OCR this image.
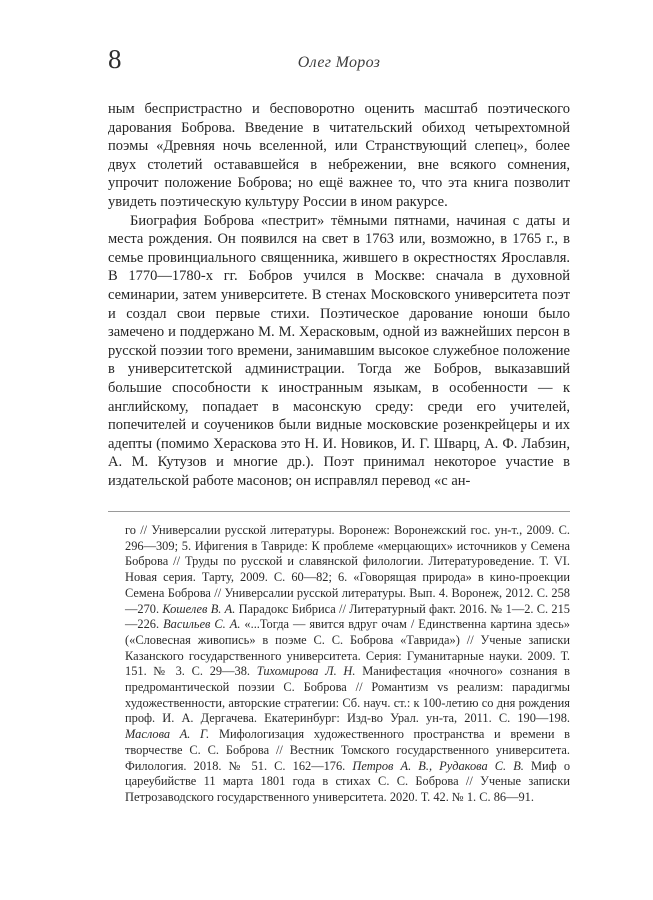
8	Олег Мороз

ным беспристрастно и бесповоротно оценить масштаб поэтического дарования Боброва. Введение в читательский обиход четырехтомной поэмы «Древняя ночь вселенной, или Странствующий слепец», более двух столетий остававшейся в небрежении, вне всякого сомнения, упрочит положение Боброва; но ещё важнее то, что эта книга позволит увидеть поэтическую культуру России в ином ракурсе.

Биография Боброва «пестрит» тёмными пятнами, начиная с даты и места рождения. Он появился на свет в 1763 или, возможно, в 1765 г., в семье провинциального священника, жившего в окрестностях Ярославля. В 1770—1780-х гг. Бобров учился в Москве: сначала в духовной семинарии, затем университете. В стенах Московского университета поэт и создал свои первые стихи. Поэтическое дарование юноши было замечено и поддержано М. М. Херасковым, одной из важнейших персон в русской поэзии того времени, занимавшим высокое служебное положение в университетской администрации. Тогда же Бобров, выказавший большие способности к иностранным языкам, в особенности — к английскому, попадает в масонскую среду: среди его учителей, попечителей и соучеников были видные московские розенкрейцеры и их адепты (помимо Хераскова это Н. И. Новиков, И. Г. Шварц, А. Ф. Лабзин, А. М. Кутузов и многие др.). Поэт принимал некоторое участие в издательской работе масонов; он исправлял перевод «с ан-

го // Универсалии русской литературы. Воронеж: Воронежский гос. ун-т., 2009. С. 296—309; 5. Ифигения в Тавриде: К проблеме «мерцающих» источников у Семена Боброва // Труды по русской и славянской филологии. Литературоведение. Т. VI. Новая серия. Тарту, 2009. С. 60—82; 6. «Говорящая природа» в кино-проекции Семена Боброва // Универсалии русской литературы. Вып. 4. Воронеж, 2012. С. 258—270. Кошелев В. А. Парадокс Бибриса // Литературный факт. 2016. № 1—2. С. 215—226. Васильев С. А. «...Тогда — явится вдруг очам / Единственна картина здесь» («Словесная живопись» в поэме С. С. Боброва «Таврида») // Ученые записки Казанского государственного университета. Серия: Гуманитарные науки. 2009. Т. 151. № 3. С. 29—38. Тихомирова Л. Н. Манифестация «ночного» сознания в предромантической поэзии С. Боброва // Романтизм vs реализм: парадигмы художественности, авторские стратегии: Сб. науч. ст.: к 100-летию со дня рождения проф. И. А. Дергачева. Екатеринбург: Изд-во Урал. ун-та, 2011. С. 190—198. Маслова А. Г. Мифологизация художественного пространства и времени в творчестве С. С. Боброва // Вестник Томского государственного университета. Филология. 2018. № 51. С. 162—176. Петров А. В., Рудакова С. В. Миф о цареубийстве 11 марта 1801 года в стихах С. С. Боброва // Ученые записки Петрозаводского государственного университета. 2020. Т. 42. № 1. С. 86—91.
